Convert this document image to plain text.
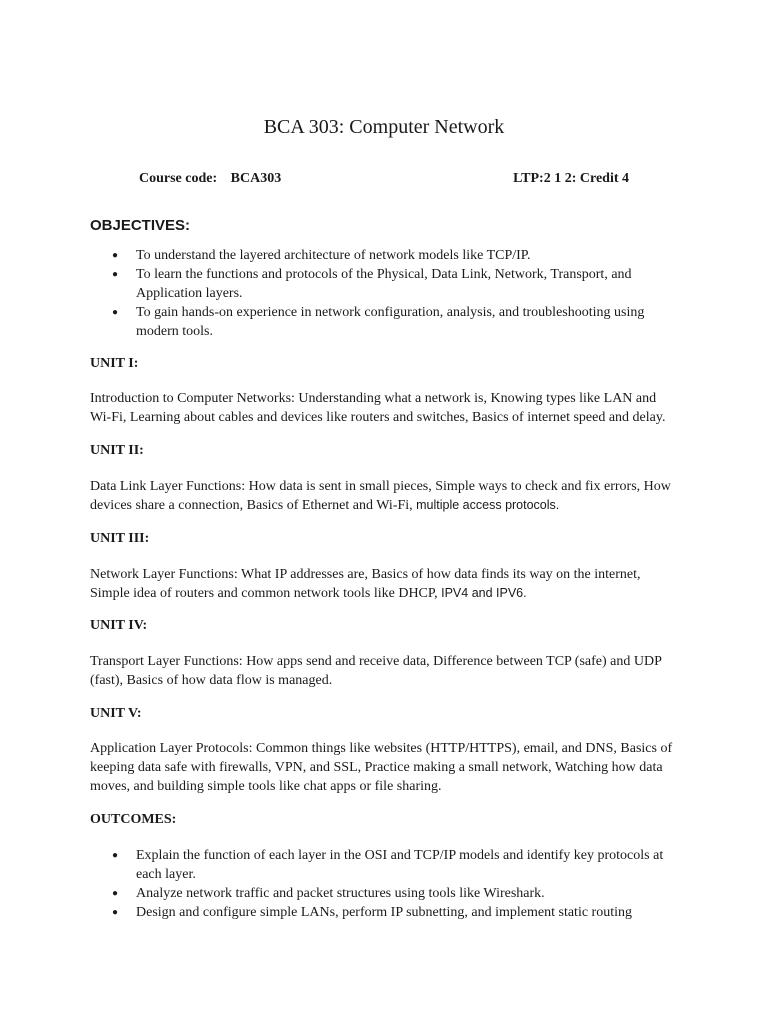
BCA 303: Computer Network
Course code: BCA303	LTP:2 1 2: Credit 4
OBJECTIVES:
● To understand the layered architecture of network models like TCP/IP.
● To learn the functions and protocols of the Physical, Data Link, Network, Transport, and Application layers.
● To gain hands-on experience in network configuration, analysis, and troubleshooting using modern tools.
UNIT I:

Introduction to Computer Networks: Understanding what a network is, Knowing types like LAN and Wi-Fi, Learning about cables and devices like routers and switches, Basics of internet speed and delay.

UNIT II:

Data Link Layer Functions: How data is sent in small pieces, Simple ways to check and fix errors, How devices share a connection, Basics of Ethernet and Wi-Fi, multiple access protocols.

UNIT III:

Network Layer Functions: What IP addresses are, Basics of how data finds its way on the internet, Simple idea of routers and common network tools like DHCP, IPV4 and IPV6.

UNIT IV:

Transport Layer Functions: How apps send and receive data, Difference between TCP (safe) and UDP (fast), Basics of how data flow is managed.

UNIT V:

Application Layer Protocols: Common things like websites (HTTP/HTTPS), email, and DNS, Basics of keeping data safe with firewalls, VPN, and SSL, Practice making a small network, Watching how data moves, and building simple tools like chat apps or file sharing.

OUTCOMES:
● Explain the function of each layer in the OSI and TCP/IP models and identify key protocols at each layer.
● Analyze network traffic and packet structures using tools like Wireshark.
● Design and configure simple LANs, perform IP subnetting, and implement static routing
